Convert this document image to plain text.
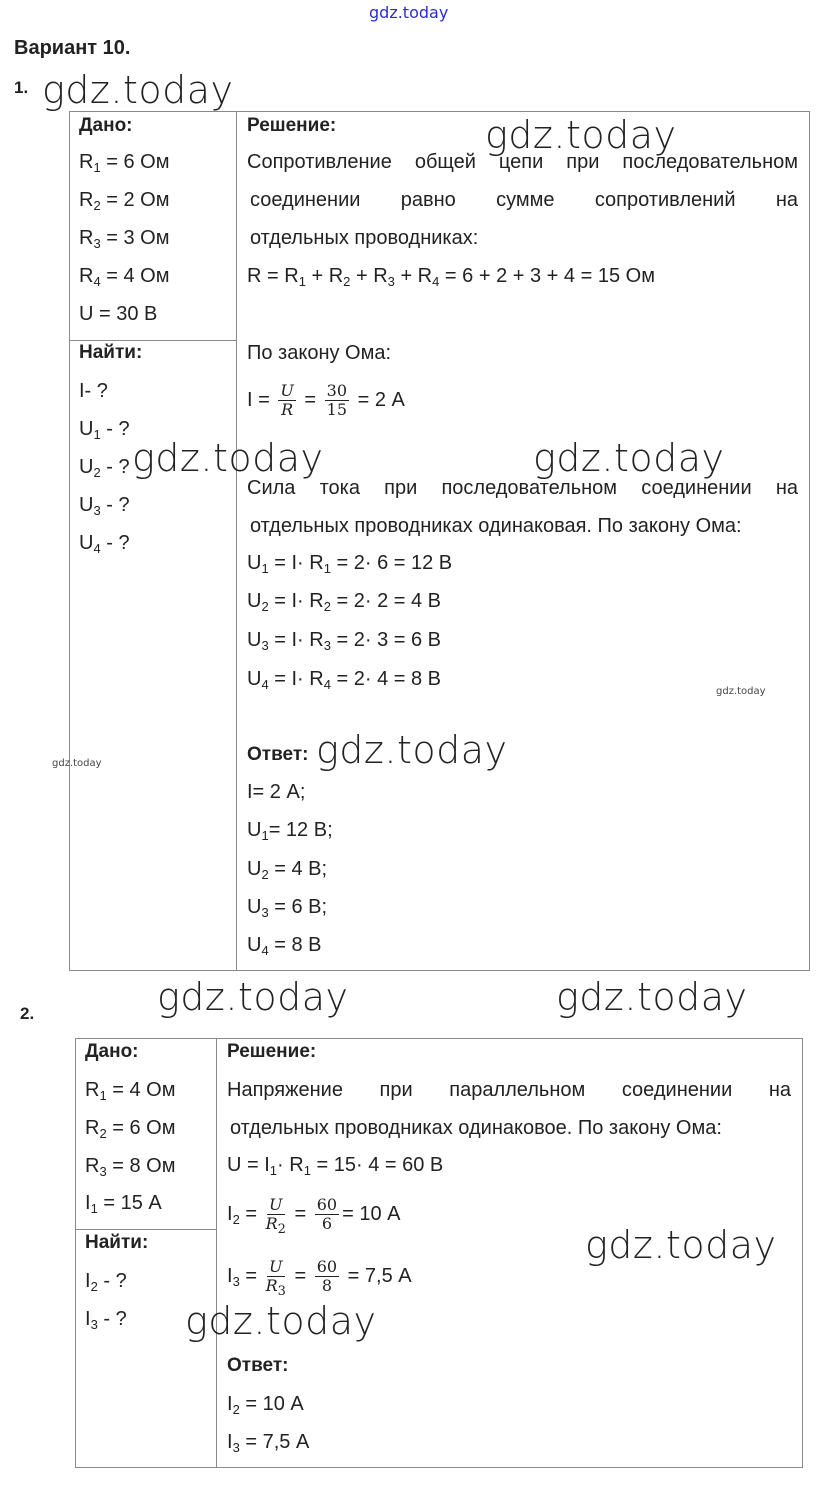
gdz.today
Вариант 10.
1.
Дано:
$R_1 = 6$ Ом
$R_2 = 2$ Ом
$R_3 = 3$ Ом
$R_4 = 4$ Ом
U = 30 В
Найти:
I- ?
$U_1$ - ?
$U_2$ - ?
$U_3$ - ?
$U_4$ - ?
Решение:
Сопротивление общей цепи при последовательном
соединении равно сумме сопротивлений на
отдельных проводниках:
$R = R_1 + R_2 + R_3 + R_4 = 6 + 2 + 3 + 4 = 15$ Ом
По закону Ома:
$I = \frac{U}{R} = \frac{30}{15} = 2$ А
Сила тока при последовательном соединении на
отдельных проводниках одинаковая. По закону Ома:
$U_1 = I\cdot R_1 = 2\cdot 6 = 12$ В
$U_2 = I\cdot R_2 = 2\cdot 2 = 4$ В
$U_3 = I\cdot R_3 = 2\cdot 3 = 6$ В
$U_4 = I\cdot R_4 = 2\cdot 4 = 8$ В
Ответ:
I= 2 А;
$U_1= 12$ В;
$U_2 = 4$ В;
$U_3 = 6$ В;
$U_4 = 8$ В
2.
Дано:
$R_1 = 4$ Ом
$R_2 = 6$ Ом
$R_3 = 8$ Ом
$I_1 = 15$ А
Найти:
$I_2$ - ?
$I_3$ - ?
Решение:
Напряжение при параллельном соединении на
отдельных проводниках одинаковое. По закону Ома:
$U = I_1\cdot R_1 = 15\cdot 4 = 60$ В
$I_2 = \frac{U}{R_2} = \frac{60}{6} = 10$ А
$I_3 = \frac{U}{R_3} = \frac{60}{8} = 7,5$ А
Ответ:
$I_2 = 10$ А
$I_3 = 7,5$ А
gdz.today
gdz.today
gdz.today	gdz.today
gdz.today
gdz.today	gdz.today
gdz.today
gdz.today
gdz.today
gdz.today
